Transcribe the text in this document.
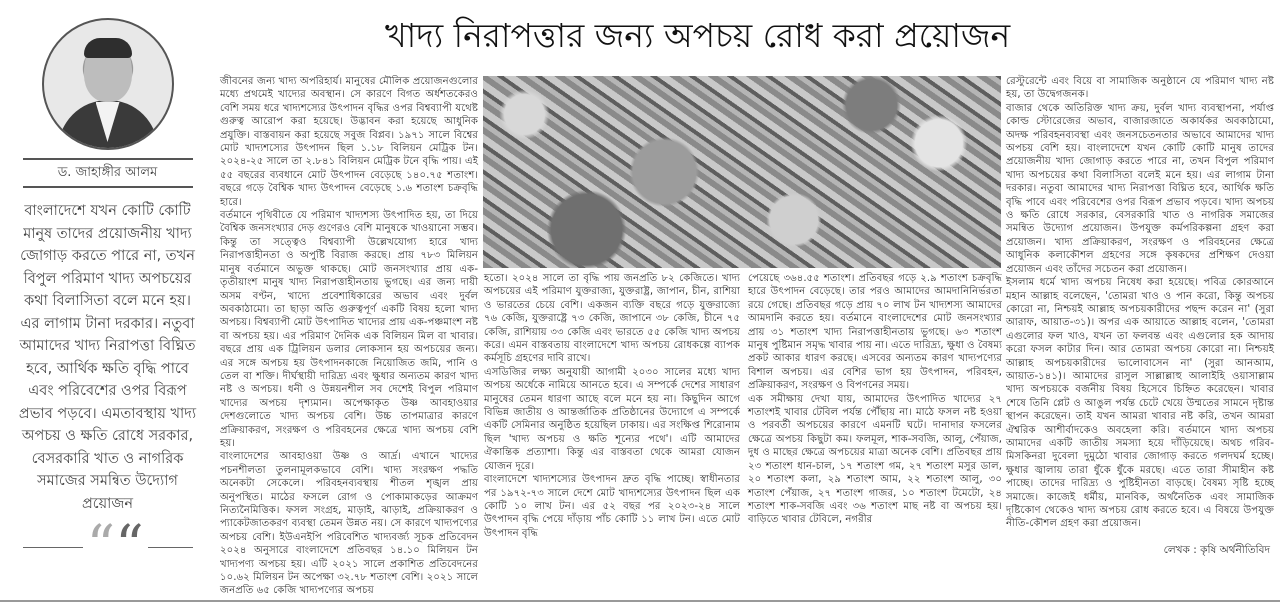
ড. জাহাঙ্গীর আলম
বাংলাদেশে যখন কোটি কোটি মানুষ তাদের প্রয়োজনীয় খাদ্য জোগাড় করতে পারে না, তখন বিপুল পরিমাণ খাদ্য অপচয়ের কথা বিলাসিতা বলে মনে হয়। এর লাগাম টানা দরকার। নতুবা আমাদের খাদ্য নিরাপত্তা বিঘ্নিত হবে, আর্থিক ক্ষতি বৃদ্ধি পাবে এবং পরিবেশের ওপর বিরূপ প্রভাব পড়বে। এমতাবস্থায় খাদ্য অপচয় ও ক্ষতি রোধে সরকার, বেসরকারি খাত ও নাগরিক সমাজের সমন্বিত উদ্যোগ প্রয়োজন
““
খাদ্য নিরাপত্তার জন্য অপচয় রোধ করা প্রয়োজন

জীবনের জন্য খাদ্য অপরিহার্য। মানুষের মৌলিক প্রয়োজনগুলোর মধ্যে প্রথমেই খাদ্যের অবস্থান। সে কারণে বিগত অর্ধশতকেরও বেশি সময় ধরে খাদ্যশস্যের উৎপাদন বৃদ্ধির ওপর বিশ্বব্যাপী যথেষ্ট গুরুত্ব আরোপ করা হয়েছে। উদ্ভাবন করা হয়েছে আধুনিক প্রযুক্তি। বাস্তবায়ন করা হয়েছে সবুজ বিপ্লব। ১৯৭১ সালে বিশ্বের মোট খাদ্যশস্যের উৎপাদন ছিল ১.১৮ বিলিয়ন মেট্রিক টন। ২০২৪-২৫ সালে তা ২.৮৪১ বিলিয়ন মেট্রিক টনে বৃদ্ধি পায়। এই ৫৫ বছরের ব্যবধানে মোট উৎপাদন বেড়েছে ১৪০.৭৫ শতাংশ। বছরে গড়ে বৈশ্বিক খাদ্য উৎপাদন বেড়েছে ১.৬ শতাংশ চক্রবৃদ্ধি হারে।

বর্তমানে পৃথিবীতে যে পরিমাণ খাদ্যশস্য উৎপাদিত হয়, তা দিয়ে বৈশ্বিক জনসংখ্যার দেড় গুণেরও বেশি মানুষকে খাওয়ানো সম্ভব। কিন্তু তা সত্ত্বেও বিশ্বব্যাপী উল্লেখযোগ্য হারে খাদ্য নিরাপত্তাহীনতা ও অপুষ্টি বিরাজ করছে। প্রায় ৭৮৩ মিলিয়ন মানুষ বর্তমানে অভুক্ত থাকছে। মোট জনসংখ্যার প্রায় এক-তৃতীয়াংশ মানুষ খাদ্য নিরাপত্তাহীনতায় ভুগছে। এর জন্য দায়ী অসম বণ্টন, খাদ্যে প্রবেশাধিকারের অভাব এবং দুর্বল অবকাঠামো। তা ছাড়া অতি গুরুত্বপূর্ণ একটি বিষয় হলো খাদ্য অপচয়। বিশ্বব্যাপী মোট উৎপাদিত খাদ্যের প্রায় এক-পঞ্চমাংশ নষ্ট বা অপচয় হয়। এর পরিমাণ দৈনিক এক বিলিয়ন মিল বা খাবার। বছরে প্রায় এক ট্রিলিয়ন ডলার লোকসান হয় অপচয়ের জন্য। এর সঙ্গে অপচয় হয় উৎপাদনকাজে নিয়োজিত জমি, পানি ও তেল বা শক্তি। দীর্ঘস্থায়ী দারিদ্র্য এবং ক্ষুধার অন্যতম কারণ খাদ্য নষ্ট ও অপচয়। ধনী ও উন্নয়নশীল সব দেশেই বিপুল পরিমাণ খাদ্যের অপচয় দৃশ্যমান। অপেক্ষাকৃত উষ্ণ আবহাওয়ার দেশগুলোতে খাদ্য অপচয় বেশি। উচ্চ তাপমাত্রার কারণে প্রক্রিয়াকরণ, সংরক্ষণ ও পরিবহনের ক্ষেত্রে খাদ্য অপচয় বেশি হয়।

বাংলাদেশের আবহাওয়া উষ্ণ ও আর্দ্র। এখানে খাদ্যের পচনশীলতা তুলনামূলকভাবে বেশি। খাদ্য সংরক্ষণ পদ্ধতি অনেকটা সেকেলে। পরিবহনব্যবস্থায় শীতল শৃঙ্খল প্রায় অনুপস্থিত। মাঠের ফসলে রোগ ও পোকামাকড়ের আক্রমণ নিত্যনৈমিত্তিক। ফসল সংগ্রহ, মাড়াই, ঝাড়াই, প্রক্রিয়াকরণ ও প্যাকেটজাতকরণ ব্যবস্থা তেমন উন্নত নয়। সে কারণে খাদ্যপণ্যের অপচয় বেশি। ইউএনইপি পরিবেশিত খাদ্যবর্জ্য সূচক প্রতিবেদন ২০২৪ অনুসারে বাংলাদেশে প্রতিবছর ১৪.১০ মিলিয়ন টন খাদ্যপণ্য অপচয় হয়। এটি ২০২১ সালে প্রকাশিত প্রতিবেদনের ১০.৬২ মিলিয়ন টন অপেক্ষা ৩২.৭৮ শতাংশ বেশি। ২০২১ সালে জনপ্রতি ৬৫ কেজি খাদ্যপণ্যের অপচয়

হতো। ২০২৪ সালে তা বৃদ্ধি পায় জনপ্রতি ৮২ কেজিতে। খাদ্য অপচয়ের এই পরিমাণ যুক্তরাজ্য, যুক্তরাষ্ট্র, জাপান, চীন, রাশিয়া ও ভারতের চেয়ে বেশি। একজন ব্যক্তি বছরে গড়ে যুক্তরাজ্যে ৭৬ কেজি, যুক্তরাষ্ট্রে ৭৩ কেজি, জাপানে ৩৮ কেজি, চীনে ৭৫ কেজি, রাশিয়ায় ৩৩ কেজি এবং ভারতে ৫৫ কেজি খাদ্য অপচয় করে। এমন বাস্তবতায় বাংলাদেশে খাদ্য অপচয় রোধকল্পে ব্যাপক কর্মসূচি গ্রহণের দাবি রাখে।

এসডিজির লক্ষ্য অনুযায়ী আগামী ২০৩০ সালের মধ্যে খাদ্য অপচয় অর্ধেকে নামিয়ে আনতে হবে। এ সম্পর্কে দেশের সাধারণ মানুষের তেমন ধারণা আছে বলে মনে হয় না। কিছুদিন আগে বিভিন্ন জাতীয় ও আন্তর্জাতিক প্রতিষ্ঠানের উদ্যোগে এ সম্পর্কে একটি সেমিনার অনুষ্ঠিত হয়েছিল ঢাকায়। এর সংক্ষিপ্ত শিরোনাম ছিল 'খাদ্য অপচয় ও ক্ষতি শূন্যের পথে'। এটি আমাদের ঐকান্তিক প্রত্যাশা। কিন্তু এর বাস্তবতা থেকে আমরা যোজন যোজন দূরে।

বাংলাদেশে খাদ্যশস্যের উৎপাদন দ্রুত বৃদ্ধি পাচ্ছে। স্বাধীনতার পর ১৯৭২-৭৩ সালে দেশে মোট খাদ্যশস্যের উৎপাদন ছিল এক কোটি ১০ লাখ টন। এর ৫২ বছর পর ২০২৩-২৪ সালে উৎপাদন বৃদ্ধি পেয়ে দাঁড়ায় পাঁচ কোটি ১১ লাখ টন। এতে মোট উৎপাদন বৃদ্ধি

পেয়েছে ৩৬৪.৫৫ শতাংশ। প্রতিবছর গড়ে ২.৯ শতাংশ চক্রবৃদ্ধি হারে উৎপাদন বেড়েছে। তার পরও আমাদের আমদানিনির্ভরতা রয়ে গেছে। প্রতিবছর গড়ে প্রায় ৭০ লাখ টন খাদ্যশস্য আমাদের আমদানি করতে হয়। বর্তমানে বাংলাদেশের মোট জনসংখ্যার প্রায় ৩১ শতাংশ খাদ্য নিরাপত্তাহীনতায় ভুগছে। ৬৩ শতাংশ মানুষ পুষ্টিমান সমৃদ্ধ খাবার পায় না। এতে দারিদ্র্য, ক্ষুধা ও বৈষম্য প্রকট আকার ধারণ করছে। এসবের অন্যতম কারণ খাদ্যপণ্যের বিশাল অপচয়। এর বেশির ভাগ হয় উৎপাদন, পরিবহন, প্রক্রিয়াকরণ, সংরক্ষণ ও বিপণনের সময়।

এক সমীক্ষায় দেখা যায়, আমাদের উৎপাদিত খাদ্যের ২৭ শতাংশই খাবার টেবিল পর্যন্ত পৌঁছায় না। মাঠে ফসল নষ্ট হওয়া ও পরবর্তী অপচয়ের কারণে এমনটি ঘটে। দানাদার ফসলের ক্ষেত্রে অপচয় কিছুটা কম। ফলমূল, শাক-সবজি, আলু, পেঁয়াজ, দুধ ও মাছের ক্ষেত্রে অপচয়ের মাত্রা অনেক বেশি। প্রতিবছর প্রায় ২৩ শতাংশ ধান-চাল, ১৭ শতাংশ গম, ২৭ শতাংশ মসুর ডাল, ২০ শতাংশ কলা, ২৯ শতাংশ আম, ২২ শতাংশ আলু, ৩০ শতাংশ পেঁয়াজ, ২৭ শতাংশ গাজর, ১০ শতাংশ টমেটো, ২৪ শতাংশ শাক-সবজি এবং ৩৬ শতাংশ মাছ নষ্ট বা অপচয় হয়। বাড়িতে খাবার টেবিলে, নগরীর

রেস্টুরেন্টে এবং বিয়ে বা সামাজিক অনুষ্ঠানে যে পরিমাণ খাদ্য নষ্ট হয়, তা উদ্বেগজনক।

বাজার থেকে অতিরিক্ত খাদ্য ক্রয়, দুর্বল খাদ্য ব্যবস্থাপনা, পর্যাপ্ত কোল্ড স্টোরেজের অভাব, বাজারজাতে অকার্যকর অবকাঠামো, অদক্ষ পরিবহনব্যবস্থা এবং জনসচেতনতার অভাবে আমাদের খাদ্য অপচয় বেশি হয়। বাংলাদেশে যখন কোটি কোটি মানুষ তাদের প্রয়োজনীয় খাদ্য জোগাড় করতে পারে না, তখন বিপুল পরিমাণ খাদ্য অপচয়ের কথা বিলাসিতা বলেই মনে হয়। এর লাগাম টানা দরকার। নতুবা আমাদের খাদ্য নিরাপত্তা বিঘ্নিত হবে, আর্থিক ক্ষতি বৃদ্ধি পাবে এবং পরিবেশের ওপর বিরূপ প্রভাব পড়বে। খাদ্য অপচয় ও ক্ষতি রোধে সরকার, বেসরকারি খাত ও নাগরিক সমাজের সমন্বিত উদ্যোগ প্রয়োজন। উপযুক্ত কর্মপরিকল্পনা গ্রহণ করা প্রয়োজন। খাদ্য প্রক্রিয়াকরণ, সংরক্ষণ ও পরিবহনের ক্ষেত্রে আধুনিক কলাকৌশল গ্রহণের সঙ্গে কৃষকদের প্রশিক্ষণ দেওয়া প্রয়োজন এবং তাঁদের সচেতন করা প্রয়োজন।

ইসলাম ধর্মে খাদ্য অপচয় নিষেধ করা হয়েছে। পবিত্র কোরআনে মহান আল্লাহ বলেছেন, 'তোমরা খাও ও পান করো, কিন্তু অপচয় কোরো না, নিশ্চয়ই আল্লাহ অপচয়কারীদের পছন্দ করেন না' (সুরা আরাফ, আয়াত-৩১)। অপর এক আয়াতে আল্লাহ বলেন, 'তোমরা এগুলোর ফল খাও, যখন তা ফলবন্ত এবং এগুলোর হক আদায় করো ফসল কাটার দিন। আর তোমরা অপচয় কোরো না। নিশ্চয়ই আল্লাহ অপচয়কারীদের ভালোবাসেন না' (সুরা আনআম, আয়াত-১৪১)। আমাদের রাসুল সাল্লাল্লাহু আলাইহি ওয়াসাল্লাম খাদ্য অপচয়কে বর্জনীয় বিষয় হিসেবে চিহ্নিত করেছেন। খাবার শেষে তিনি প্লেট ও আঙুল পর্যন্ত চেটে খেয়ে উম্মতের সামনে দৃষ্টান্ত স্থাপন করেছেন। তাই যখন আমরা খাবার নষ্ট করি, তখন আমরা ঐশ্বরিক আশীর্বাদকেও অবহেলা করি। বর্তমানে খাদ্য অপচয় আমাদের একটি জাতীয় সমস্যা হয়ে দাঁড়িয়েছে। অথচ গরিব-মিসকিনরা দুবেলা দুমুঠো খাবার জোগাড় করতে গলদঘর্ম হচ্ছে। ক্ষুধার জ্বালায় তারা ধুঁকে ধুঁকে মরছে। এতে তারা সীমাহীন কষ্ট পাচ্ছে। তাদের দারিদ্র্য ও পুষ্টিহীনতা বাড়ছে। বৈষম্য সৃষ্টি হচ্ছে সমাজে। কাজেই ধর্মীয়, মানবিক, অর্থনৈতিক এবং সামাজিক দৃষ্টিকোণ থেকেও খাদ্য অপচয় রোধ করতে হবে। এ বিষয়ে উপযুক্ত নীতি-কৌশল গ্রহণ করা প্রয়োজন।

লেখক : কৃষি অর্থনীতিবিদ
